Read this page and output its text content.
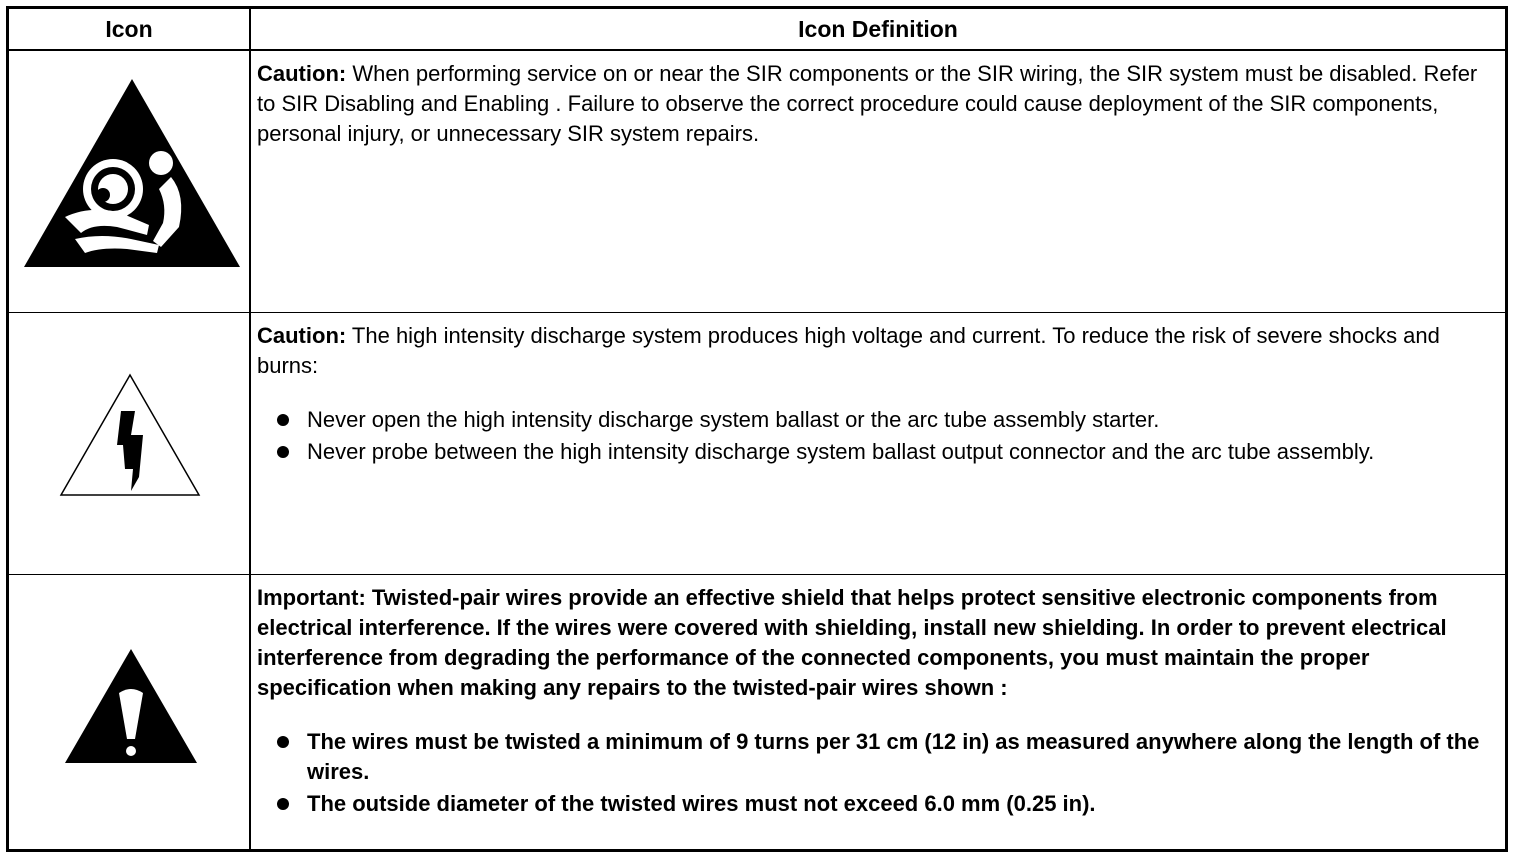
Icon	Icon Definition

Caution: When performing service on or near the SIR components or the SIR wiring, the SIR system must be disabled. Refer to SIR Disabling and Enabling . Failure to observe the correct procedure could cause deployment of the SIR components, personal injury, or unnecessary SIR system repairs.

Caution: The high intensity discharge system produces high voltage and current. To reduce the risk of severe shocks and burns:

Never open the high intensity discharge system ballast or the arc tube assembly starter.
Never probe between the high intensity discharge system ballast output connector and the arc tube assembly.

Important: Twisted-pair wires provide an effective shield that helps protect sensitive electronic components from electrical interference. If the wires were covered with shielding, install new shielding. In order to prevent electrical interference from degrading the performance of the connected components, you must maintain the proper specification when making any repairs to the twisted-pair wires shown :

The wires must be twisted a minimum of 9 turns per 31 cm (12 in) as measured anywhere along the length of the wires.
The outside diameter of the twisted wires must not exceed 6.0 mm (0.25 in).
